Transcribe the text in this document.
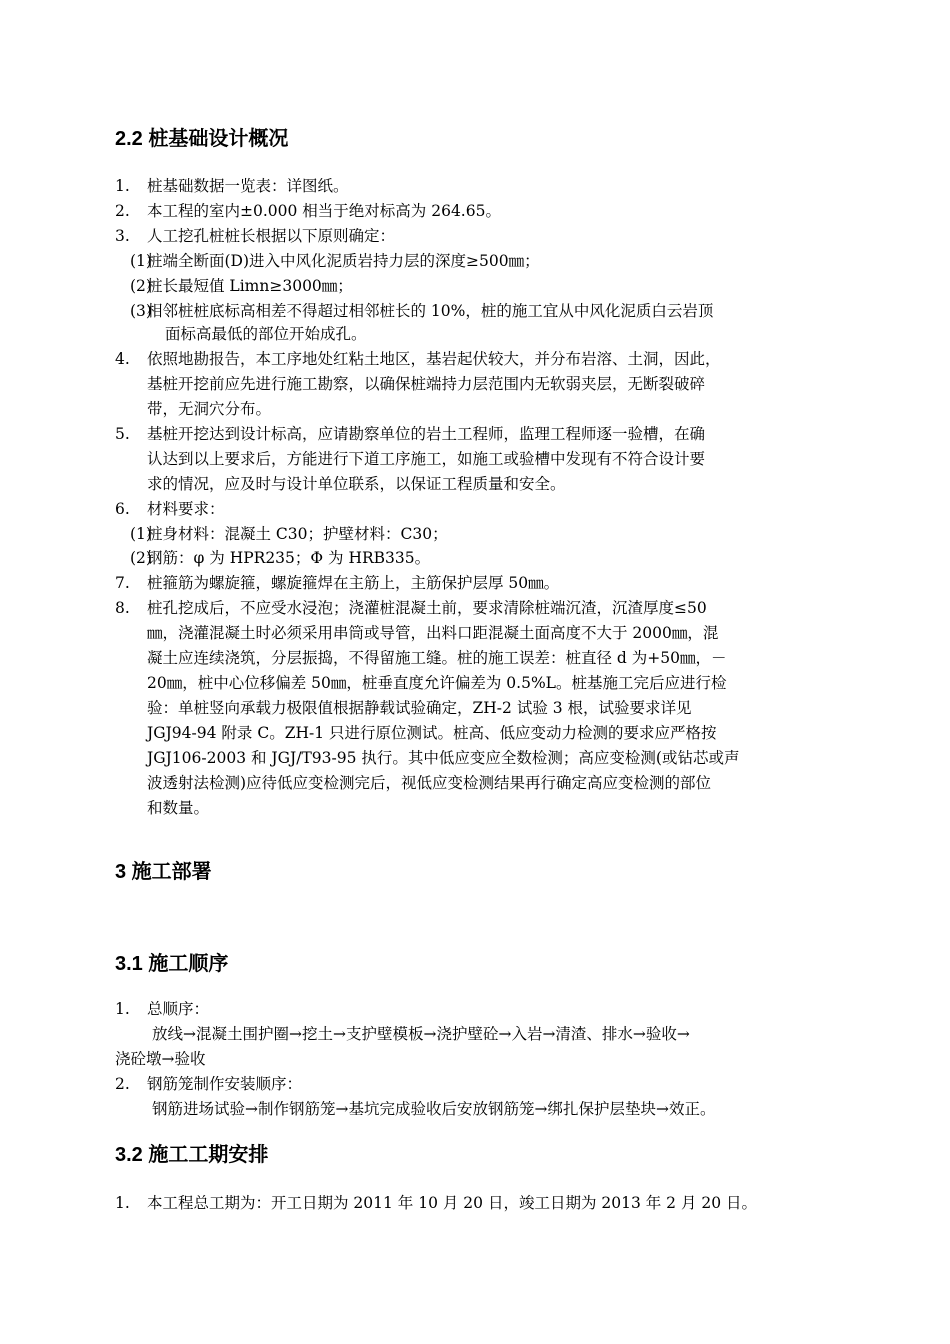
2.2 桩基础设计概况
1. 桩基础数据一览表：详图纸。
2. 本工程的室内±0.000 相当于绝对标高为 264.65。
3. 人工挖孔桩桩长根据以下原则确定：
(1)
桩端全断面(D)进入中风化泥质岩持力层的深度≥500㎜；
(2)
桩长最短值 Limn≥3000㎜；
(3)
相邻桩桩底标高相差不得超过相邻桩长的 10%，桩的施工宜从中风化泥质白云岩顶
面标高最低的部位开始成孔。
4. 依照地勘报告，本工序地处红粘土地区，基岩起伏较大，并分布岩溶、土洞，因此，
基桩开挖前应先进行施工勘察，以确保桩端持力层范围内无软弱夹层，无断裂破碎
带，无洞穴分布。
5. 基桩开挖达到设计标高，应请勘察单位的岩土工程师，监理工程师逐一验槽，在确
认达到以上要求后，方能进行下道工序施工，如施工或验槽中发现有不符合设计要
求的情况，应及时与设计单位联系，以保证工程质量和安全。
6. 材料要求：
(1)
桩身材料：混凝土 C30；护壁材料：C30；
(2)
钢筋：φ 为 HPR235；Φ 为 HRB335。
7. 桩箍筋为螺旋箍，螺旋箍焊在主筋上，主筋保护层厚 50㎜。
8. 桩孔挖成后，不应受水浸泡；浇灌桩混凝土前，要求清除桩端沉渣，沉渣厚度≤50
㎜，浇灌混凝土时必须采用串筒或导管，出料口距混凝土面高度不大于 2000㎜，混
凝土应连续浇筑，分层振捣，不得留施工缝。桩的施工误差：桩直径 d 为+50㎜，－
20㎜，桩中心位移偏差 50㎜，桩垂直度允许偏差为 0.5%L。桩基施工完后应进行检
验：单桩竖向承载力极限值根据静载试验确定，ZH-2 试验 3 根，试验要求详见
JGJ94-94 附录 C。ZH-1 只进行原位测试。桩高、低应变动力检测的要求应严格按
JGJ106-2003 和 JGJ/T93-95 执行。其中低应变应全数检测；高应变检测(或钻芯或声
波透射法检测)应待低应变检测完后，视低应变检测结果再行确定高应变检测的部位
和数量。
3 施工部署
3.1 施工顺序
1. 总顺序：
放线→混凝土围护圈→挖土→支护壁模板→浇护壁砼→入岩→清渣、排水→验收→
浇砼墩→验收
2. 钢筋笼制作安装顺序：
钢筋进场试验→制作钢筋笼→基坑完成验收后安放钢筋笼→绑扎保护层垫块→效正。
3.2 施工工期安排
1. 本工程总工期为：开工日期为 2011 年 10 月 20 日，竣工日期为 2013 年 2 月 20 日。
